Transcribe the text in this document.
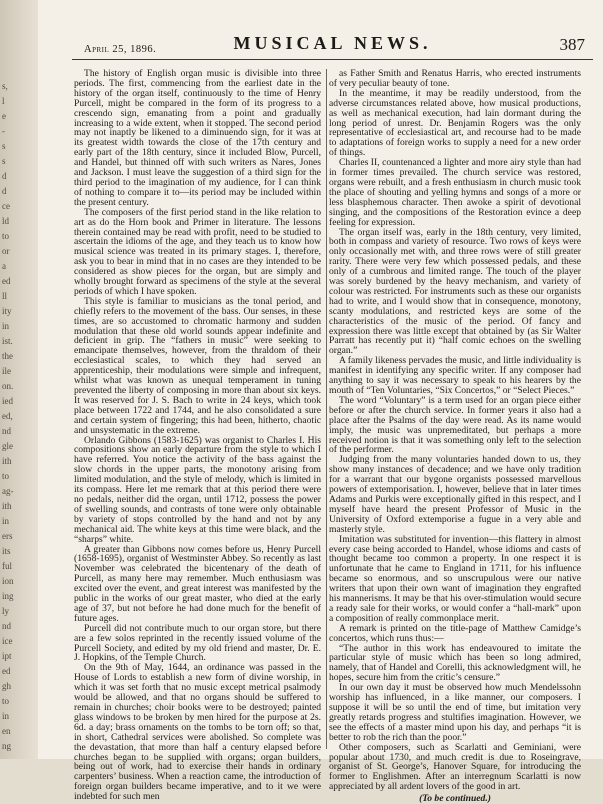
s,
l
e
-
s
s
d
d
ce
ld
to
or
a
ed
ll
ity
in
ist.
the
ile
on.
ied
ed,
nd
gle
ith
to
ag-
ith
in
ers
its
ful
ion
ing
ly
nd
ice
ipt
ed
gh
to
in
en
ng
April 25, 1896.	MUSICAL NEWS.	387

The history of English organ music is divisible into three periods. The first, commencing from the earliest date in the history of the organ itself, continuously to the time of Henry Purcell, might be compared in the form of its progress to a crescendo sign, emanating from a point and gradually increasing to a wide extent, when it stopped. The second period may not inaptly be likened to a diminuendo sign, for it was at its greatest width towards the close of the 17th century and early part of the 18th century, since it included Blow, Purcell, and Handel, but thinned off with such writers as Nares, Jones and Jackson. I must leave the suggestion of a third sign for the third period to the imagination of my audience, for I can think of nothing to compare it to—its period may be included within the present century.

The composers of the first period stand in the like relation to art as do the Horn book and Primer in literature. The lessons therein contained may be read with profit, need to be studied to ascertain the idioms of the age, and they teach us to know how musical science was treated in its primary stages. I, therefore, ask you to bear in mind that in no cases are they intended to be considered as show pieces for the organ, but are simply and wholly brought forward as specimens of the style at the several periods of which I have spoken.

This style is familiar to musicians as the tonal period, and chiefly refers to the movement of the bass. Our senses, in these times, are so accustomed to chromatic harmony and sudden modulation that these old world sounds appear indefinite and deficient in grip. The “fathers in music” were seeking to emancipate themselves, however, from the thraldom of their ecclesiastical scales, to which they had served an apprenticeship, their modulations were simple and infrequent, whilst what was known as unequal temperament in tuning prevented the liberty of composing in more than about six keys. It was reserved for J. S. Bach to write in 24 keys, which took place between 1722 and 1744, and he also consolidated a sure and certain system of fingering; this had been, hitherto, chaotic and unsystematic in the extreme.

Orlando Gibbons (1583-1625) was organist to Charles I. His compositions show an early departure from the style to which I have referred. You notice the activity of the bass against the slow chords in the upper parts, the monotony arising from limited modulation, and the style of melody, which is limited in its compass. Here let me remark that at this period there were no pedals, neither did the organ, until 1712, possess the power of swelling sounds, and contrasts of tone were only obtainable by variety of stops controlled by the hand and not by any mechanical aid. The white keys at this time were black, and the “sharps” white.

A greater than Gibbons now comes before us, Henry Purcell (1658-1695), organist of Westminster Abbey. So recently as last November was celebrated the bicentenary of the death of Purcell, as many here may remember. Much enthusiasm was excited over the event, and great interest was manifested by the public in the works of our great master, who died at the early age of 37, but not before he had done much for the benefit of future ages.

Purcell did not contribute much to our organ store, but there are a few solos reprinted in the recently issued volume of the Purcell Society, and edited by my old friend and master, Dr. E. J. Hopkins, of the Temple Church.

On the 9th of May, 1644, an ordinance was passed in the House of Lords to establish a new form of divine worship, in which it was set forth that no music except metrical psalmody would be allowed, and that no organs should be suffered to remain in churches; choir books were to be destroyed; painted glass windows to be broken by men hired for the purpose at 2s. 6d. a day; brass ornaments on the tombs to be torn off; so that, in short, Cathedral services were abolished. So complete was the devastation, that more than half a century elapsed before churches began to be supplied with organs; organ builders, being out of work, had to exercise their hands in ordinary carpenters’ business. When a reaction came, the introduction of foreign organ builders became imperative, and to it we were indebted for such men

as Father Smith and Renatus Harris, who erected instruments of very peculiar beauty of tone.

In the meantime, it may be readily understood, from the adverse circumstances related above, how musical productions, as well as mechanical execution, had lain dormant during the long period of unrest. Dr. Benjamin Rogers was the only representative of ecclesiastical art, and recourse had to be made to adaptations of foreign works to supply a need for a new order of things.

Charles II, countenanced a lighter and more airy style than had in former times prevailed. The church service was restored, organs were rebuilt, and a fresh enthusiasm in church music took the place of shouting and yelling hymns and songs of a more or less blasphemous character. Then awoke a spirit of devotional singing, and the compositions of the Restoration evince a deep feeling for expression.

The organ itself was, early in the 18th century, very limited, both in compass and variety of resource. Two rows of keys were only occasionally met with, and three rows were of still greater rarity. There were very few which possessed pedals, and these only of a cumbrous and limited range. The touch of the player was sorely burdened by the heavy mechanism, and variety of colour was restricted. For instruments such as these our organists had to write, and I would show that in consequence, monotony, scanty modulations, and restricted keys are some of the characteristics of the music of the period. Of fancy and expression there was little except that obtained by (as Sir Walter Parratt has recently put it) “half comic echoes on the swelling organ.”

A family likeness pervades the music, and little individuality is manifest in identifying any specific writer. If any composer had anything to say it was necessary to speak to his hearers by the mouth of “Ten Voluntaries, “Six Concertos,” or “Select Pieces.”

The word “Voluntary” is a term used for an organ piece either before or after the church service. In former years it also had a place after the Psalms of the day were read. As its name would imply, the music was unpremeditated, but perhaps a more received notion is that it was something only left to the selection of the performer.

Judging from the many voluntaries handed down to us, they show many instances of decadence; and we have only tradition for a warrant that our bygone organists possessed marvellous powers of extemporisation. I, however, believe that in later times Adams and Purkis were exceptionally gifted in this respect, and I myself have heard the present Professor of Music in the University of Oxford extemporise a fugue in a very able and masterly style.

Imitation was substituted for invention—this flattery in almost every case being accorded to Handel, whose idioms and casts of thought became too common a property. In one respect it is unfortunate that he came to England in 1711, for his influence became so enormous, and so unscrupulous were our native writers that upon their own want of imagination they engrafted his mannerisms. It may be that his over-stimulation would secure a ready sale for their works, or would confer a “hall-mark” upon a composition of really commonplace merit.

A remark is printed on the title-page of Matthew Camidge’s concertos, which runs thus:—

“The author in this work has endeavoured to imitate the particular style of music which has been so long admired, namely, that of Handel and Corelli, this acknowledgment will, he hopes, secure him from the critic’s censure.”

In our own day it must be observed how much Mendelssohn worship has influenced, in a like manner, our composers. I suppose it will be so until the end of time, but imitation very greatly retards progress and stultifies imagination. However, we see the effects of a master mind upon his day, and perhaps “it is better to rob the rich than the poor.”

Other composers, such as Scarlatti and Geminiani, were popular about 1730, and much credit is due to Roseingrave, organist of St. George’s, Hanover Square, for introducing the former to Englishmen. After an interregnum Scarlatti is now appreciated by all ardent lovers of the good in art.

(To be continued.)
